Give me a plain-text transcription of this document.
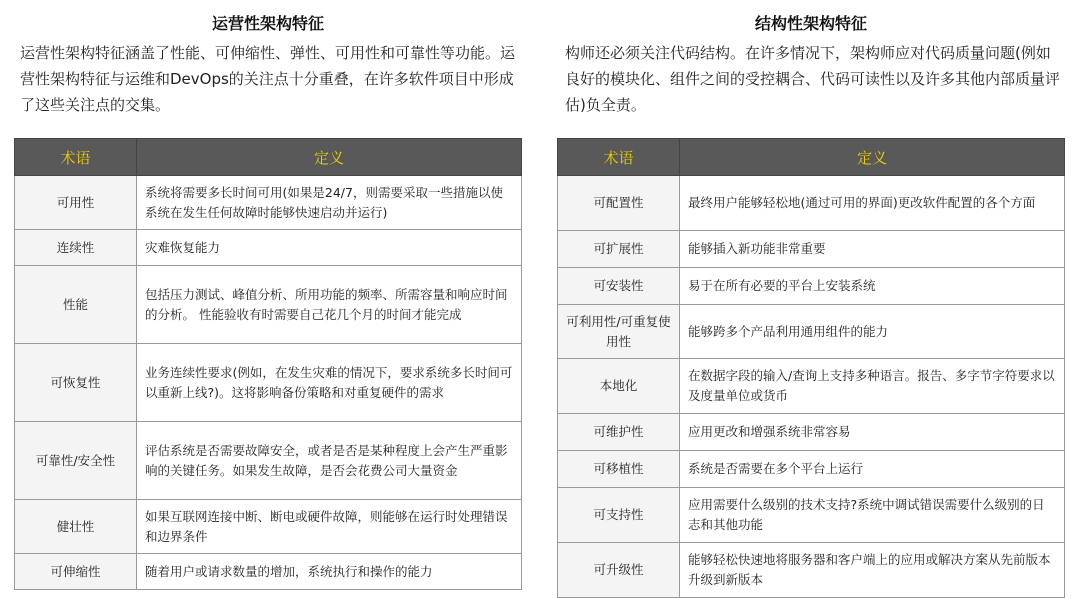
运营性架构特征
运营性架构特征涵盖了性能、可伸缩性、弹性、可用性和可靠性等功能。运营性架构特征与运维和DevOps的关注点十分重叠，在许多软件项目中形成了这些关注点的交集。
术语	定义
可用性	系统将需要多长时间可用(如果是24/7，则需要采取一些措施以使系统在发生任何故障时能够快速启动并运行)
连续性	灾难恢复能力
性能	包括压力测试、峰值分析、所用功能的频率、所需容量和响应时间的分析。 性能验收有时需要自己花几个月的时间才能完成
可恢复性	业务连续性要求(例如，在发生灾难的情况下，要求系统多长时间可以重新上线?)。这将影响备份策略和对重复硬件的需求
可靠性/安全性	评估系统是否需要故障安全，或者是否是某种程度上会产生严重影响的关键任务。如果发生故障，是否会花费公司大量资金
健壮性	如果互联网连接中断、断电或硬件故障，则能够在运行时处理错误和边界条件
可伸缩性	随着用户或请求数量的增加，系统执行和操作的能力
结构性架构特征
构师还必须关注代码结构。在许多情况下，架构师应对代码质量问题(例如良好的模块化、组件之间的受控耦合、代码可读性以及许多其他内部质量评估)负全责。
术语	定义
可配置性	最终用户能够轻松地(通过可用的界面)更改软件配置的各个方面
可扩展性	能够插入新功能非常重要
可安装性	易于在所有必要的平台上安装系统
可利用性/可重复使用性	能够跨多个产品利用通用组件的能力
本地化	在数据字段的输入/查询上支持多种语言。报告、多字节字符要求以及度量单位或货币
可维护性	应用更改和增强系统非常容易
可移植性	系统是否需要在多个平台上运行
可支持性	应用需要什么级别的技术支持?系统中调试错误需要什么级别的日 志和其他功能
可升级性	能够轻松快速地将服务器和客户端上的应用或解决方案从先前版本升级到新版本
